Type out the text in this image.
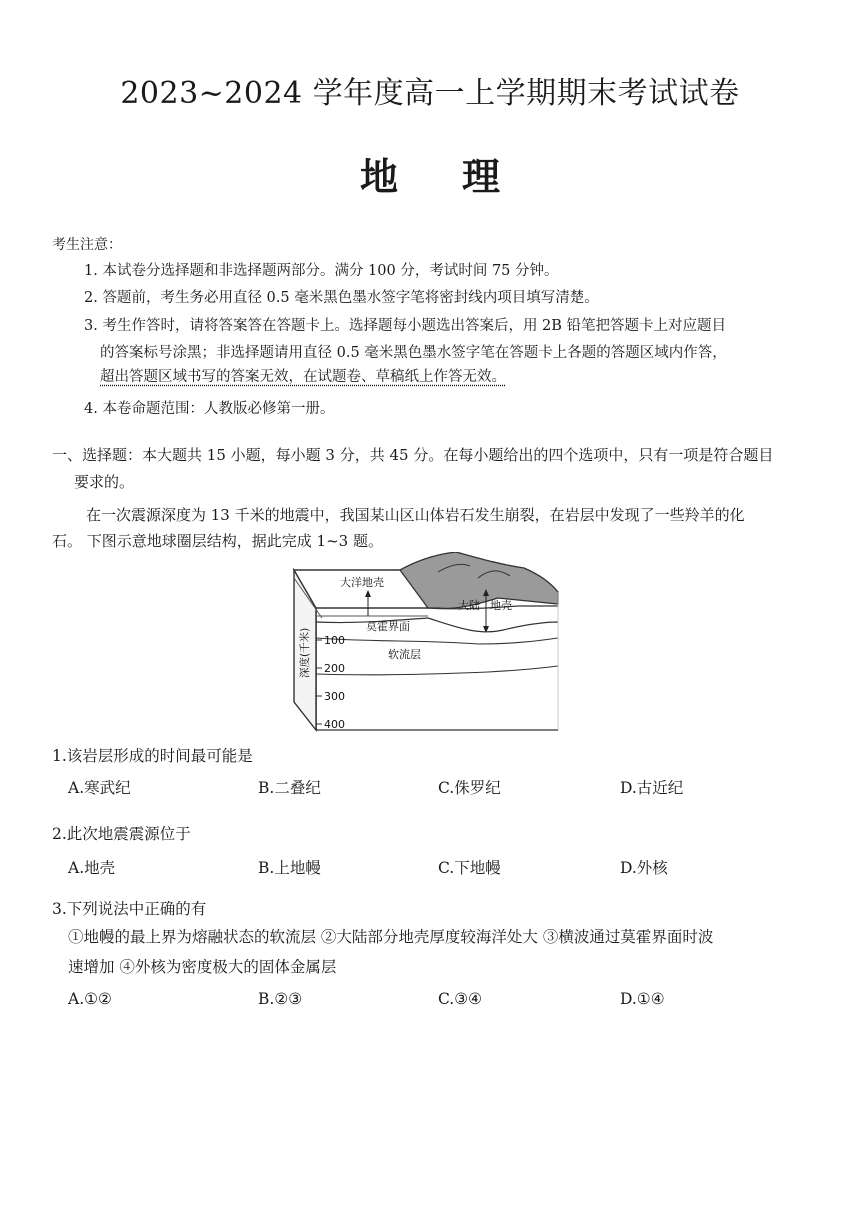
2023~2024 学年度高一上学期期末考试试卷
地 理
考生注意：
1. 本试卷分选择题和非选择题两部分。满分 100 分，考试时间 75 分钟。
2. 答题前，考生务必用直径 0.5 毫米黑色墨水签字笔将密封线内项目填写清楚。
3. 考生作答时，请将答案答在答题卡上。选择题每小题选出答案后，用 2B 铅笔把答题卡上对应题目
的答案标号涂黑；非选择题请用直径 0.5 毫米黑色墨水签字笔在答题卡上各题的答题区域内作答，
超出答题区域书写的答案无效，在试题卷、草稿纸上作答无效。
4. 本卷命题范围：人教版必修第一册。
一、选择题：本大题共 15 小题，每小题 3 分，共 45 分。在每小题给出的四个选项中，只有一项是符合题目
要求的。
在一次震源深度为 13 千米的地震中，我国某山区山体岩石发生崩裂，在岩层中发现了一些羚羊的化
石。 下图示意地球圈层结构，据此完成 1~3 题。
大洋地壳
大陆 地壳
莫霍界面
软流层
100
200
300
400
深度(千米)
1.该岩层形成的时间最可能是
A.寒武纪	B.二叠纪	C.侏罗纪	D.古近纪
2.此次地震震源位于
A.地壳	B.上地幔	C.下地幔	D.外核
3.下列说法中正确的有
①地幔的最上界为熔融状态的软流层 ②大陆部分地壳厚度较海洋处大 ③横波通过莫霍界面时波
速增加 ④外核为密度极大的固体金属层
A.①②	B.②③	C.③④	D.①④
